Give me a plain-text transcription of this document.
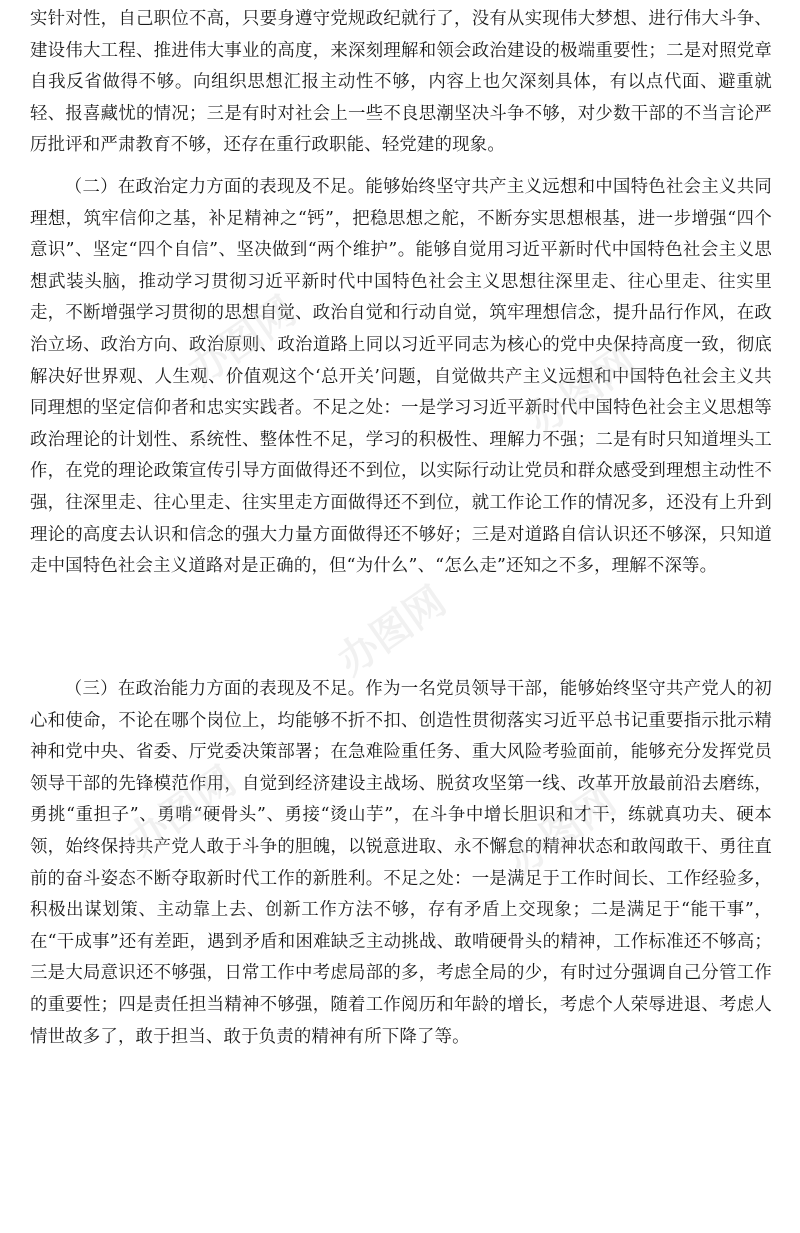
实针对性，自己职位不高，只要身遵守党规政纪就行了，没有从实现伟大梦想、进行伟大斗争、建设伟大工程、推进伟大事业的高度，来深刻理解和领会政治建设的极端重要性；二是对照党章自我反省做得不够。向组织思想汇报主动性不够，内容上也欠深刻具体，有以点代面、避重就轻、报喜藏忧的情况；三是有时对社会上一些不良思潮坚决斗争不够，对少数干部的不当言论严厉批评和严肃教育不够，还存在重行政职能、轻党建的现象。

（二）在政治定力方面的表现及不足。能够始终坚守共产主义远想和中国特色社会主义共同理想，筑牢信仰之基，补足精神之“钙”，把稳思想之舵，不断夯实思想根基，进一步增强“四个意识”、坚定“四个自信”、坚决做到“两个维护”。能够自觉用习近平新时代中国特色社会主义思想武装头脑，推动学习贯彻习近平新时代中国特色社会主义思想往深里走、往心里走、往实里走，不断增强学习贯彻的思想自觉、政治自觉和行动自觉，筑牢理想信念，提升品行作风，在政治立场、政治方向、政治原则、政治道路上同以习近平同志为核心的党中央保持高度一致，彻底解决好世界观、人生观、价值观这个‘总开关’问题，自觉做共产主义远想和中国特色社会主义共同理想的坚定信仰者和忠实实践者。不足之处：一是学习习近平新时代中国特色社会主义思想等政治理论的计划性、系统性、整体性不足，学习的积极性、理解力不强；二是有时只知道埋头工作，在党的理论政策宣传引导方面做得还不到位，以实际行动让党员和群众感受到理想主动性不强，往深里走、往心里走、往实里走方面做得还不到位，就工作论工作的情况多，还没有上升到理论的高度去认识和信念的强大力量方面做得还不够好；三是对道路自信认识还不够深，只知道走中国特色社会主义道路对是正确的，但“为什么”、“怎么走”还知之不多，理解不深等。

（三）在政治能力方面的表现及不足。作为一名党员领导干部，能够始终坚守共产党人的初心和使命，不论在哪个岗位上，均能够不折不扣、创造性贯彻落实习近平总书记重要指示批示精神和党中央、省委、厅党委决策部署；在急难险重任务、重大风险考验面前，能够充分发挥党员领导干部的先锋模范作用，自觉到经济建设主战场、脱贫攻坚第一线、改革开放最前沿去磨练，勇挑“重担子”、勇啃“硬骨头”、勇接“烫山芋”，在斗争中增长胆识和才干，练就真功夫、硬本领，始终保持共产党人敢于斗争的胆魄，以锐意进取、永不懈怠的精神状态和敢闯敢干、勇往直前的奋斗姿态不断夺取新时代工作的新胜利。不足之处：一是满足于工作时间长、工作经验多，积极出谋划策、主动靠上去、创新工作方法不够，存有矛盾上交现象；二是满足于“能干事”，在“干成事”还有差距，遇到矛盾和困难缺乏主动挑战、敢啃硬骨头的精神，工作标准还不够高；三是大局意识还不够强，日常工作中考虑局部的多，考虑全局的少，有时过分强调自己分管工作的重要性；四是责任担当精神不够强，随着工作阅历和年龄的增长，考虑个人荣辱进退、考虑人情世故多了，敢于担当、敢于负责的精神有所下降了等。

办图网	办图网
办图网
办图网	办图网
